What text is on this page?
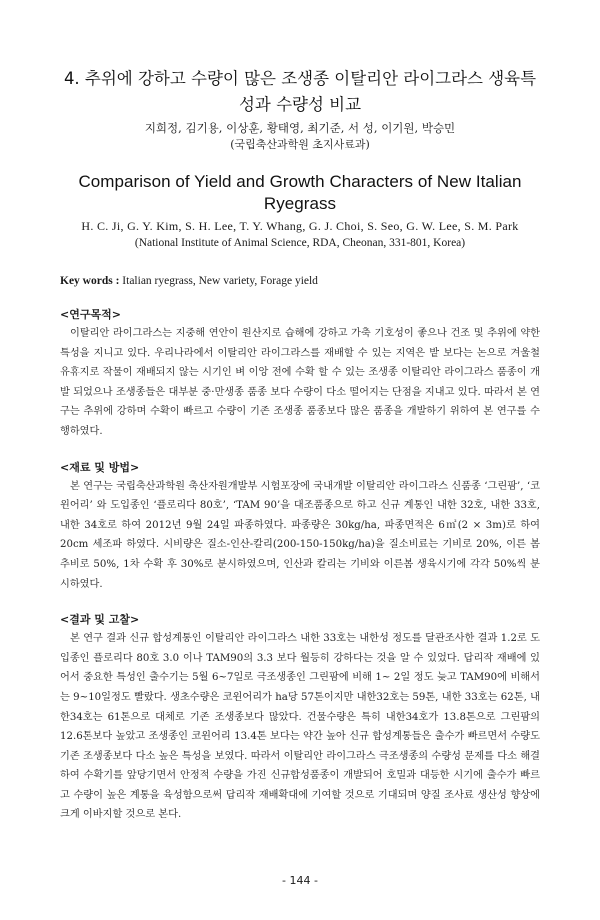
4. 추위에 강하고 수량이 많은 조생종 이탈리안 라이그라스 생육특성과 수량성 비교
지희정, 김기용, 이상훈, 황태영, 최기준, 서 성, 이기원, 박승민
(국립축산과학원 초지사료과)
Comparison of Yield and Growth Characters of New Italian Ryegrass
H. C. Ji, G. Y. Kim, S. H. Lee, T. Y. Whang, G. J. Choi, S. Seo, G. W. Lee, S. M. Park
(National Institute of Animal Science, RDA, Cheonan, 331-801, Korea)
Key words : Italian ryegrass, New variety, Forage yield
<연구목적>

이탈리안 라이그라스는 지중해 연안이 원산지로 습해에 강하고 가축 기호성이 좋으나 건조 및 추위에 약한 특성을 지니고 있다. 우리나라에서 이탈리안 라이그라스를 재배할 수 있는 지역은 밭 보다는 논으로 겨울철 유휴지로 작물이 재배되지 않는 시기인 벼 이앙 전에 수확 할 수 있는 조생종 이탈리안 라이그라스 품종이 개발 되었으나 조생종들은 대부분 중·만생종 품종 보다 수량이 다소 떨어지는 단점을 지내고 있다. 따라서 본 연구는 추위에 강하며 수확이 빠르고 수량이 기존 조생종 품종보다 많은 품종을 개발하기 위하여 본 연구를 수행하였다.

<재료 및 방법>

본 연구는 국립축산과학원 축산자원개발부 시험포장에 국내개발 이탈리안 라이그라스 신품종 ‘그린팜’, ‘코윈어리’ 와 도입종인 ‘플로리다 80호’, ‘TAM 90’을 대조품종으로 하고 신규 계통인 내한 32호, 내한 33호, 내한 34호로 하여 2012년 9월 24일 파종하였다. 파종량은 30kg/ha, 파종면적은 6㎡(2 × 3m)로 하여 20cm 세조파 하였다. 시비량은 질소-인산-칼리(200-150-150kg/ha)을 질소비료는 기비로 20%, 이른 봄 추비로 50%, 1차 수확 후 30%로 분시하였으며, 인산과 칼리는 기비와 이른봄 생육시기에 각각 50%씩 분시하였다.

<결과 및 고찰>

본 연구 결과 신규 합성계통인 이탈리안 라이그라스 내한 33호는 내한성 정도를 달관조사한 결과 1.2로 도입종인 플로리다 80호 3.0 이나 TAM90의 3.3 보다 월등히 강하다는 것을 알 수 있었다. 답리작 재배에 있어서 중요한 특성인 출수기는 5월 6~7일로 극조생종인 그린팜에 비해 1~ 2일 정도 늦고 TAM90에 비해서는 9~10일정도 빨랐다. 생초수량은 코윈어리가 ha당 57톤이지만 내한32호는 59톤, 내한 33호는 62톤, 내한34호는 61톤으로 대체로 기존 조생종보다 많았다. 건물수량은 특히 내한34호가 13.8톤으로 그린팜의 12.6톤보다 높았고 조생종인 코윈어리 13.4톤 보다는 약간 높아 신규 합성계통들은 출수가 빠르면서 수량도 기존 조생종보다 다소 높은 특성을 보였다. 따라서 이탈리안 라이그라스 극조생종의 수량성 문제를 다소 해결하여 수확기를 앞당기면서 안정적 수량을 가진 신규합성품종이 개발되어 호밀과 대등한 시기에 출수가 빠르고 수량이 높은 계통을 육성함으로써 답리작 재배확대에 기여할 것으로 기대되며 양질 조사료 생산성 향상에 크게 이바지할 것으로 본다.

- 144 -
